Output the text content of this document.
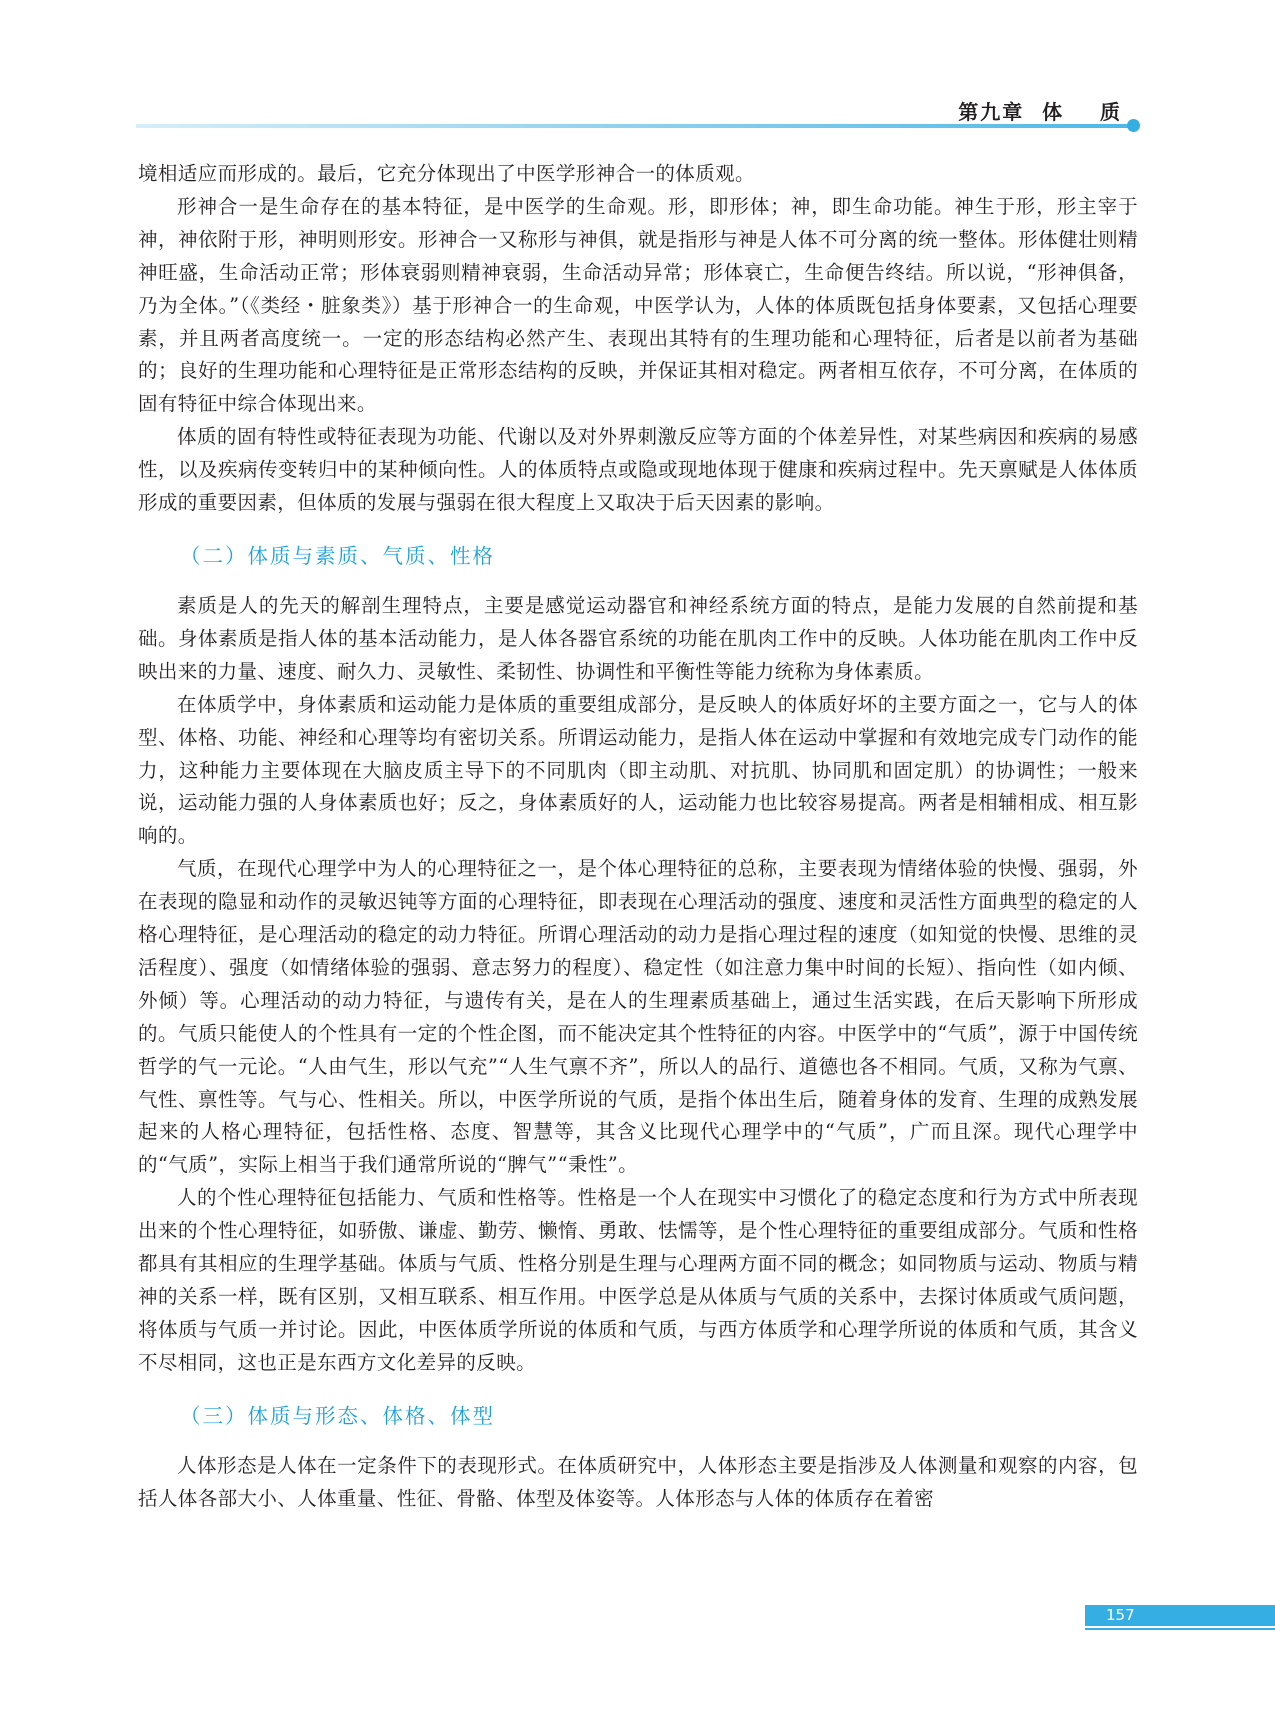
第九章  体    质

境相适应而形成的。最后，它充分体现出了中医学形神合一的体质观。

形神合一是生命存在的基本特征，是中医学的生命观。形，即形体；神，即生命功能。神生于形，形主宰于神，神依附于形，神明则形安。形神合一又称形与神俱，就是指形与神是人体不可分离的统一整体。形体健壮则精神旺盛，生命活动正常；形体衰弱则精神衰弱，生命活动异常；形体衰亡，生命便告终结。所以说，“形神俱备，乃为全体。”（《类经・脏象类》）基于形神合一的生命观，中医学认为，人体的体质既包括身体要素，又包括心理要素，并且两者高度统一。一定的形态结构必然产生、表现出其特有的生理功能和心理特征，后者是以前者为基础的；良好的生理功能和心理特征是正常形态结构的反映，并保证其相对稳定。两者相互依存，不可分离，在体质的固有特征中综合体现出来。

体质的固有特性或特征表现为功能、代谢以及对外界刺激反应等方面的个体差异性，对某些病因和疾病的易感性，以及疾病传变转归中的某种倾向性。人的体质特点或隐或现地体现于健康和疾病过程中。先天禀赋是人体体质形成的重要因素，但体质的发展与强弱在很大程度上又取决于后天因素的影响。

（二）体质与素质、气质、性格

素质是人的先天的解剖生理特点，主要是感觉运动器官和神经系统方面的特点，是能力发展的自然前提和基础。身体素质是指人体的基本活动能力，是人体各器官系统的功能在肌肉工作中的反映。人体功能在肌肉工作中反映出来的力量、速度、耐久力、灵敏性、柔韧性、协调性和平衡性等能力统称为身体素质。

在体质学中，身体素质和运动能力是体质的重要组成部分，是反映人的体质好坏的主要方面之一，它与人的体型、体格、功能、神经和心理等均有密切关系。所谓运动能力，是指人体在运动中掌握和有效地完成专门动作的能力，这种能力主要体现在大脑皮质主导下的不同肌肉（即主动肌、对抗肌、协同肌和固定肌）的协调性；一般来说，运动能力强的人身体素质也好；反之，身体素质好的人，运动能力也比较容易提高。两者是相辅相成、相互影响的。

气质，在现代心理学中为人的心理特征之一，是个体心理特征的总称，主要表现为情绪体验的快慢、强弱，外在表现的隐显和动作的灵敏迟钝等方面的心理特征，即表现在心理活动的强度、速度和灵活性方面典型的稳定的人格心理特征，是心理活动的稳定的动力特征。所谓心理活动的动力是指心理过程的速度（如知觉的快慢、思维的灵活程度）、强度（如情绪体验的强弱、意志努力的程度）、稳定性（如注意力集中时间的长短）、指向性（如内倾、外倾）等。心理活动的动力特征，与遗传有关，是在人的生理素质基础上，通过生活实践，在后天影响下所形成的。气质只能使人的个性具有一定的个性企图，而不能决定其个性特征的内容。中医学中的“气质”，源于中国传统哲学的气一元论。“人由气生，形以气充”“人生气禀不齐”，所以人的品行、道德也各不相同。气质，又称为气禀、气性、禀性等。气与心、性相关。所以，中医学所说的气质，是指个体出生后，随着身体的发育、生理的成熟发展起来的人格心理特征，包括性格、态度、智慧等，其含义比现代心理学中的“气质”，广而且深。现代心理学中的“气质”，实际上相当于我们通常所说的“脾气”“秉性”。

人的个性心理特征包括能力、气质和性格等。性格是一个人在现实中习惯化了的稳定态度和行为方式中所表现出来的个性心理特征，如骄傲、谦虚、勤劳、懒惰、勇敢、怯懦等，是个性心理特征的重要组成部分。气质和性格都具有其相应的生理学基础。体质与气质、性格分别是生理与心理两方面不同的概念；如同物质与运动、物质与精神的关系一样，既有区别，又相互联系、相互作用。中医学总是从体质与气质的关系中，去探讨体质或气质问题，将体质与气质一并讨论。因此，中医体质学所说的体质和气质，与西方体质学和心理学所说的体质和气质，其含义不尽相同，这也正是东西方文化差异的反映。

（三）体质与形态、体格、体型

人体形态是人体在一定条件下的表现形式。在体质研究中，人体形态主要是指涉及人体测量和观察的内容，包括人体各部大小、人体重量、性征、骨骼、体型及体姿等。人体形态与人体的体质存在着密

157
